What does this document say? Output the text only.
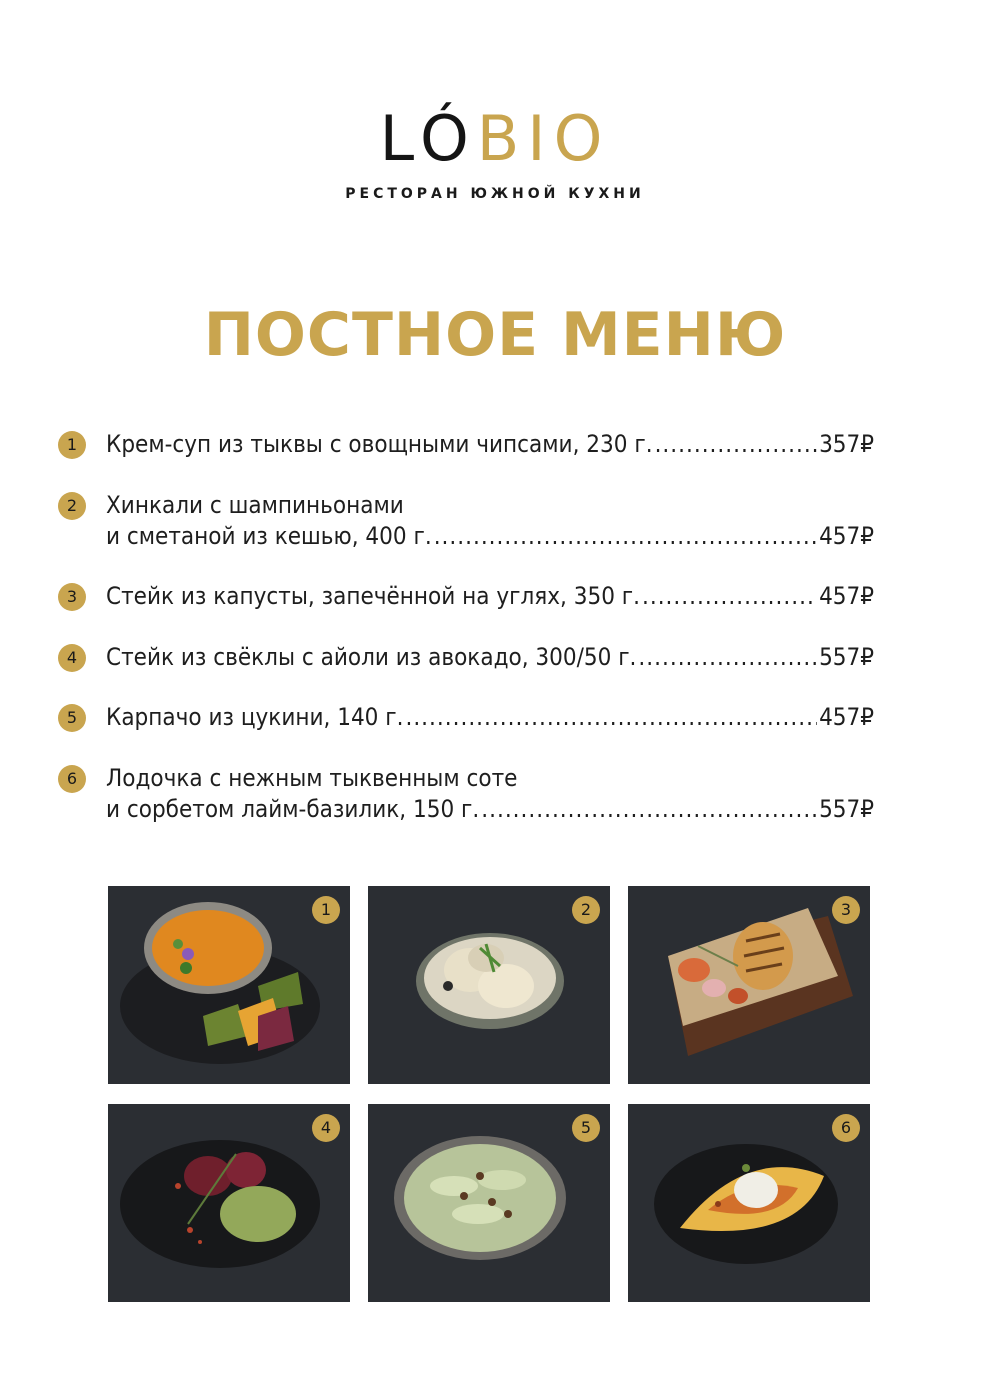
LÓBIO
РЕСТОРАН ЮЖНОЙ КУХНИ
ПОСТНОЕ МЕНЮ
1	Крем-суп из тыквы с овощными чипсами, 230 г. .....	357₽
2	Хинкали с шампиньонами
и сметаной из кешью, 400 г. .....	457₽
3	Стейк из капусты, запечённой на углях, 350 г. .....	457₽
4	Стейк из свёклы с айоли из авокадо, 300/50 г. .....	557₽
5	Карпачо из цукини, 140 г. .....	457₽
6	Лодочка с нежным тыквенным соте
и сорбетом лайм-базилик, 150 г. .....	557₽
1	2	3
4	5	6
